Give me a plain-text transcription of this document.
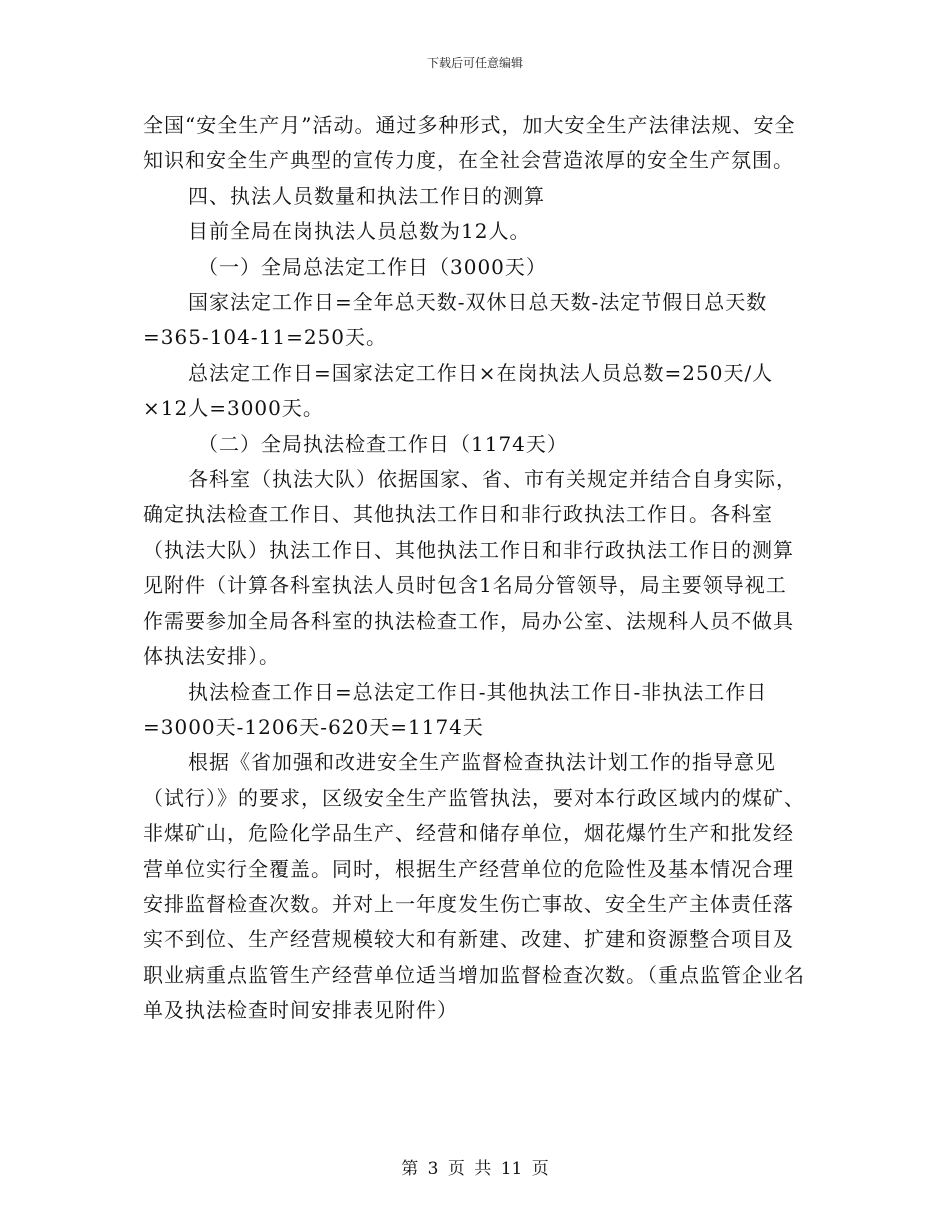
下载后可任意编辑

全国“安全生产月”活动。通过多种形式，加大安全生产法律法规、安全知识和安全生产典型的宣传力度，在全社会营造浓厚的安全生产氛围。

四、执法人员数量和执法工作日的测算

目前全局在岗执法人员总数为12人。

（一）全局总法定工作日（3000天）

国家法定工作日=全年总天数-双休日总天数-法定节假日总天数

=365-104-11=250天。

总法定工作日=国家法定工作日×在岗执法人员总数=250天/人

×12人=3000天。

（二）全局执法检查工作日（1174天）

各科室（执法大队）依据国家、省、市有关规定并结合自身实际，确定执法检查工作日、其他执法工作日和非行政执法工作日。各科室（执法大队）执法工作日、其他执法工作日和非行政执法工作日的测算见附件（计算各科室执法人员时包含1名局分管领导，局主要领导视工作需要参加全局各科室的执法检查工作，局办公室、法规科人员不做具体执法安排）。

执法检查工作日=总法定工作日-其他执法工作日-非执法工作日

=3000天-1206天-620天=1174天

根据《省加强和改进安全生产监督检查执法计划工作的指导意见（试行）》的要求，区级安全生产监管执法，要对本行政区域内的煤矿、非煤矿山，危险化学品生产、经营和储存单位，烟花爆竹生产和批发经营单位实行全覆盖。同时，根据生产经营单位的危险性及基本情况合理安排监督检查次数。并对上一年度发生伤亡事故、安全生产主体责任落实不到位、生产经营规模较大和有新建、改建、扩建和资源整合项目及职业病重点监管生产经营单位适当增加监督检查次数。（重点监管企业名单及执法检查时间安排表见附件）

第 3 页 共 11 页
